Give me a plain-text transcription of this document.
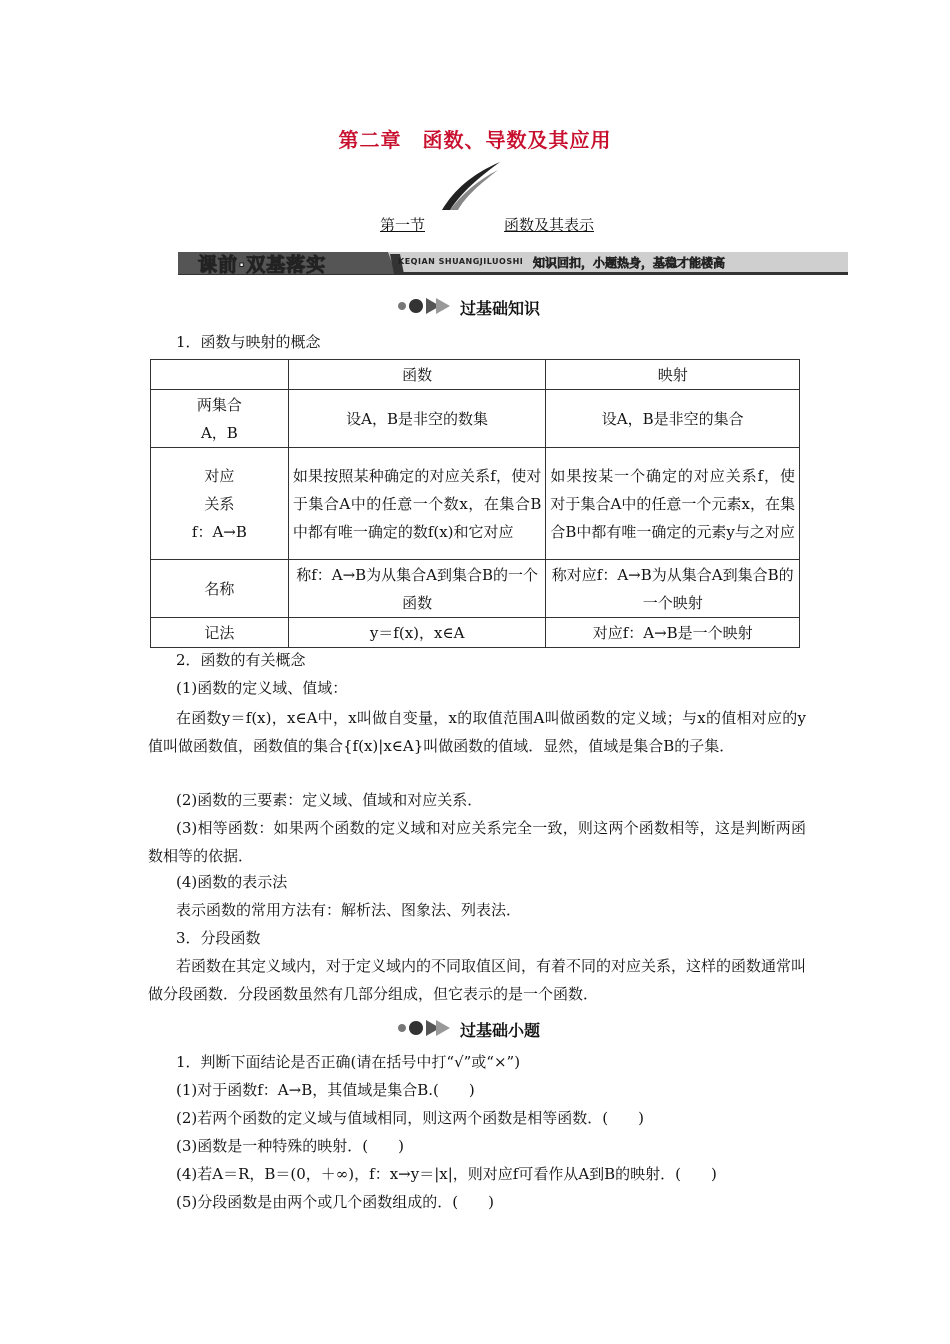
第二章　函数、导数及其应用
第一节	函数及其表示
课前·双基落实	KEQIAN SHUANGJILUOSHI 知识回扣，小题热身，基稳才能楼高
过基础知识
1．函数与映射的概念
	函数	映射
两集合
A，B	设A，B是非空的数集	设A，B是非空的集合
对应
关系
f：A→B	如果按照某种确定的对应关系f，使对于集合A中的任意一个数x，在集合B中都有唯一确定的数f(x)和它对应	如果按某一个确定的对应关系f，使对于集合A中的任意一个元素x，在集合B中都有唯一确定的元素y与之对应
名称	称f：A→B为从集合A到集合B的一个函数	称对应f：A→B为从集合A到集合B的一个映射
记法	y＝f(x)，x∈A	对应f：A→B是一个映射
2．函数的有关概念
(1)函数的定义域、值域：
在函数y＝f(x)，x∈A中，x叫做自变量，x的取值范围A叫做函数的定义域；与x的值相对应的y值叫做函数值，函数值的集合{f(x)|x∈A}叫做函数的值域．显然，值域是集合B的子集．
(2)函数的三要素：定义域、值域和对应关系．
(3)相等函数：如果两个函数的定义域和对应关系完全一致，则这两个函数相等，这是判断两函数相等的依据．
(4)函数的表示法
表示函数的常用方法有：解析法、图象法、列表法．
3．分段函数
若函数在其定义域内，对于定义域内的不同取值区间，有着不同的对应关系，这样的函数通常叫做分段函数．分段函数虽然有几部分组成，但它表示的是一个函数．
过基础小题
1．判断下面结论是否正确(请在括号中打“√”或“×”)
(1)对于函数f：A→B，其值域是集合B.(　　)
(2)若两个函数的定义域与值域相同，则这两个函数是相等函数．(　　)
(3)函数是一种特殊的映射．(　　)
(4)若A＝R，B＝(0，＋∞)，f：x→y＝|x|，则对应f可看作从A到B的映射．(　　)
(5)分段函数是由两个或几个函数组成的．(　　)
